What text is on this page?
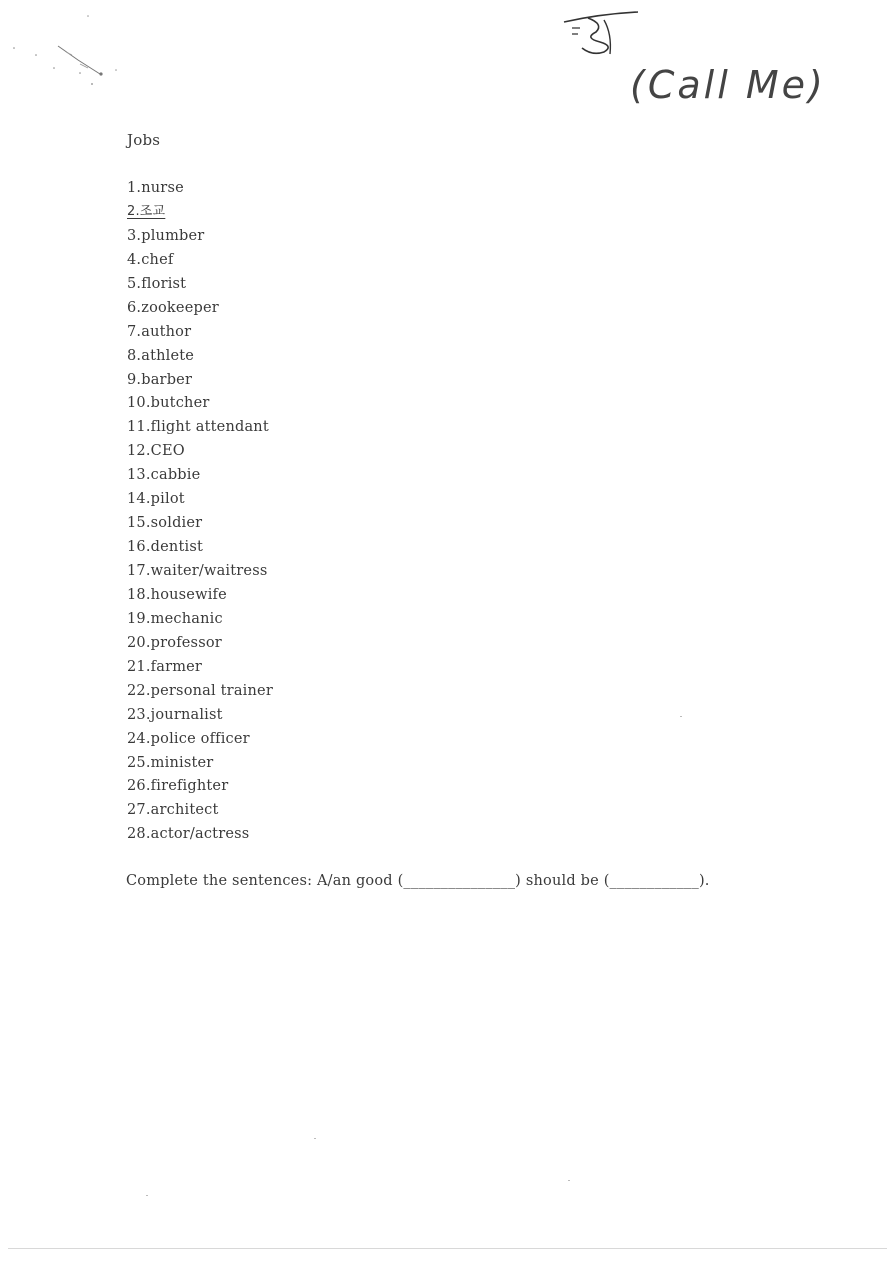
(Call Me)
Jobs
1.nurse
2.조교
3.plumber
4.chef
5.florist
6.zookeeper
7.author
8.athlete
9.barber
10.butcher
11.flight attendant
12.CEO
13.cabbie
14.pilot
15.soldier
16.dentist
17.waiter/waitress
18.housewife
19.mechanic
20.professor
21.farmer
22.personal trainer
23.journalist
24.police officer
25.minister
26.firefighter
27.architect
28.actor/actress
Complete the sentences: A/an good (_______________) should be (____________).
